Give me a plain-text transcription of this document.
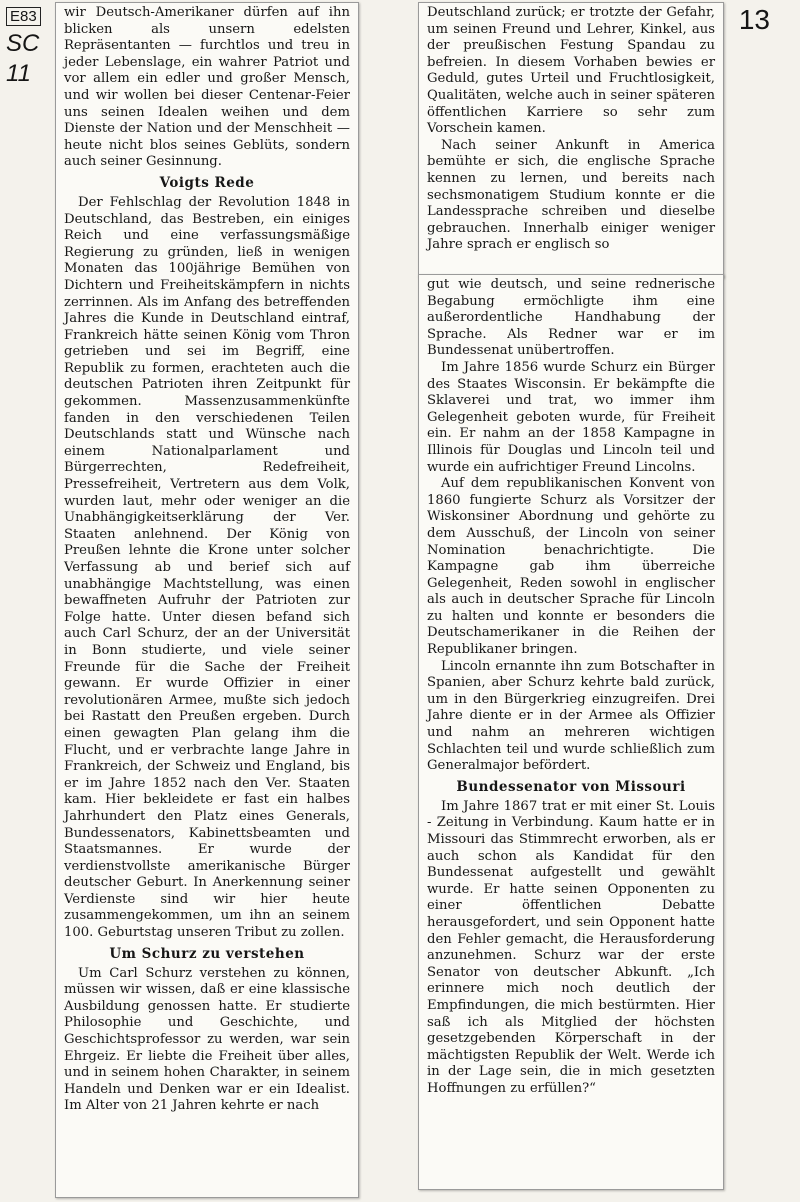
E83
SC
11
13

wir Deutsch-Amerikaner dürfen auf ihn blicken als unsern edelsten Repräsentanten — furchtlos und treu in jeder Lebenslage, ein wahrer Patriot und vor allem ein edler und großer Mensch, und wir wollen bei dieser Centenar-Feier uns seinen Idealen weihen und dem Dienste der Nation und der Menschheit — heute nicht blos seines Geblüts, sondern auch seiner Gesinnung.

Voigts Rede

Der Fehlschlag der Revolution 1848 in Deutschland, das Bestreben, ein einiges Reich und eine verfassungsmäßige Regierung zu gründen, ließ in wenigen Monaten das 100jährige Bemühen von Dichtern und Freiheitskämpfern in nichts zerrinnen. Als im Anfang des betreffenden Jahres die Kunde in Deutschland eintraf, Frankreich hätte seinen König vom Thron getrieben und sei im Begriff, eine Republik zu formen, erachteten auch die deutschen Patrioten ihren Zeitpunkt für gekommen. Massenzusammenkünfte fanden in den verschiedenen Teilen Deutschlands statt und Wünsche nach einem Nationalparlament und Bürgerrechten, Redefreiheit, Pressefreiheit, Vertretern aus dem Volk, wurden laut, mehr oder weniger an die Unabhängigkeitserklärung der Ver. Staaten anlehnend. Der König von Preußen lehnte die Krone unter solcher Verfassung ab und berief sich auf unabhängige Machtstellung, was einen bewaffneten Aufruhr der Patrioten zur Folge hatte. Unter diesen befand sich auch Carl Schurz, der an der Universität in Bonn studierte, und viele seiner Freunde für die Sache der Freiheit gewann. Er wurde Offizier in einer revolutionären Armee, mußte sich jedoch bei Rastatt den Preußen ergeben. Durch einen gewagten Plan gelang ihm die Flucht, und er verbrachte lange Jahre in Frankreich, der Schweiz und England, bis er im Jahre 1852 nach den Ver. Staaten kam. Hier bekleidete er fast ein halbes Jahrhundert den Platz eines Generals, Bundessenators, Kabinettsbeamten und Staatsmannes. Er wurde der verdienstvollste amerikanische Bürger deutscher Geburt. In Anerkennung seiner Verdienste sind wir hier heute zusammengekommen, um ihn an seinem 100. Geburtstag unseren Tribut zu zollen.

Um Schurz zu verstehen

Um Carl Schurz verstehen zu können, müssen wir wissen, daß er eine klassische Ausbildung genossen hatte. Er studierte Philosophie und Geschichte, und Geschichtsprofessor zu werden, war sein Ehrgeiz. Er liebte die Freiheit über alles, und in seinem hohen Charakter, in seinem Handeln und Denken war er ein Idealist. Im Alter von 21 Jahren kehrte er nach

Deutschland zurück; er trotzte der Gefahr, um seinen Freund und Lehrer, Kinkel, aus der preußischen Festung Spandau zu befreien. In diesem Vorhaben bewies er Geduld, gutes Urteil und Fruchtlosigkeit, Qualitäten, welche auch in seiner späteren öffentlichen Karriere so sehr zum Vorschein kamen.

Nach seiner Ankunft in America bemühte er sich, die englische Sprache kennen zu lernen, und bereits nach sechsmonatigem Studium konnte er die Landessprache schreiben und dieselbe gebrauchen. Innerhalb einiger weniger Jahre sprach er englisch so

gut wie deutsch, und seine rednerische Begabung ermöchligte ihm eine außerordentliche Handhabung der Sprache. Als Redner war er im Bundessenat unübertroffen.

Im Jahre 1856 wurde Schurz ein Bürger des Staates Wisconsin. Er bekämpfte die Sklaverei und trat, wo immer ihm Gelegenheit geboten wurde, für Freiheit ein. Er nahm an der 1858 Kampagne in Illinois für Douglas und Lincoln teil und wurde ein aufrichtiger Freund Lincolns.

Auf dem republikanischen Konvent von 1860 fungierte Schurz als Vorsitzer der Wiskonsiner Abordnung und gehörte zu dem Ausschuß, der Lincoln von seiner Nomination benachrichtigte. Die Kampagne gab ihm überreiche Gelegenheit, Reden sowohl in englischer als auch in deutscher Sprache für Lincoln zu halten und konnte er besonders die Deutschamerikaner in die Reihen der Republikaner bringen.

Lincoln ernannte ihn zum Botschafter in Spanien, aber Schurz kehrte bald zurück, um in den Bürgerkrieg einzugreifen. Drei Jahre diente er in der Armee als Offizier und nahm an mehreren wichtigen Schlachten teil und wurde schließlich zum Generalmajor befördert.

Bundessenator von Missouri

Im Jahre 1867 trat er mit einer St. Louis - Zeitung in Verbindung. Kaum hatte er in Missouri das Stimmrecht erworben, als er auch schon als Kandidat für den Bundessenat aufgestellt und gewählt wurde. Er hatte seinen Opponenten zu einer öffentlichen Debatte herausgefordert, und sein Opponent hatte den Fehler gemacht, die Herausforderung anzunehmen. Schurz war der erste Senator von deutscher Abkunft. „Ich erinnere mich noch deutlich der Empfindungen, die mich bestürmten. Hier saß ich als Mitglied der höchsten gesetzgebenden Körperschaft in der mächtigsten Republik der Welt. Werde ich in der Lage sein, die in mich gesetzten Hoffnungen zu erfüllen?“
